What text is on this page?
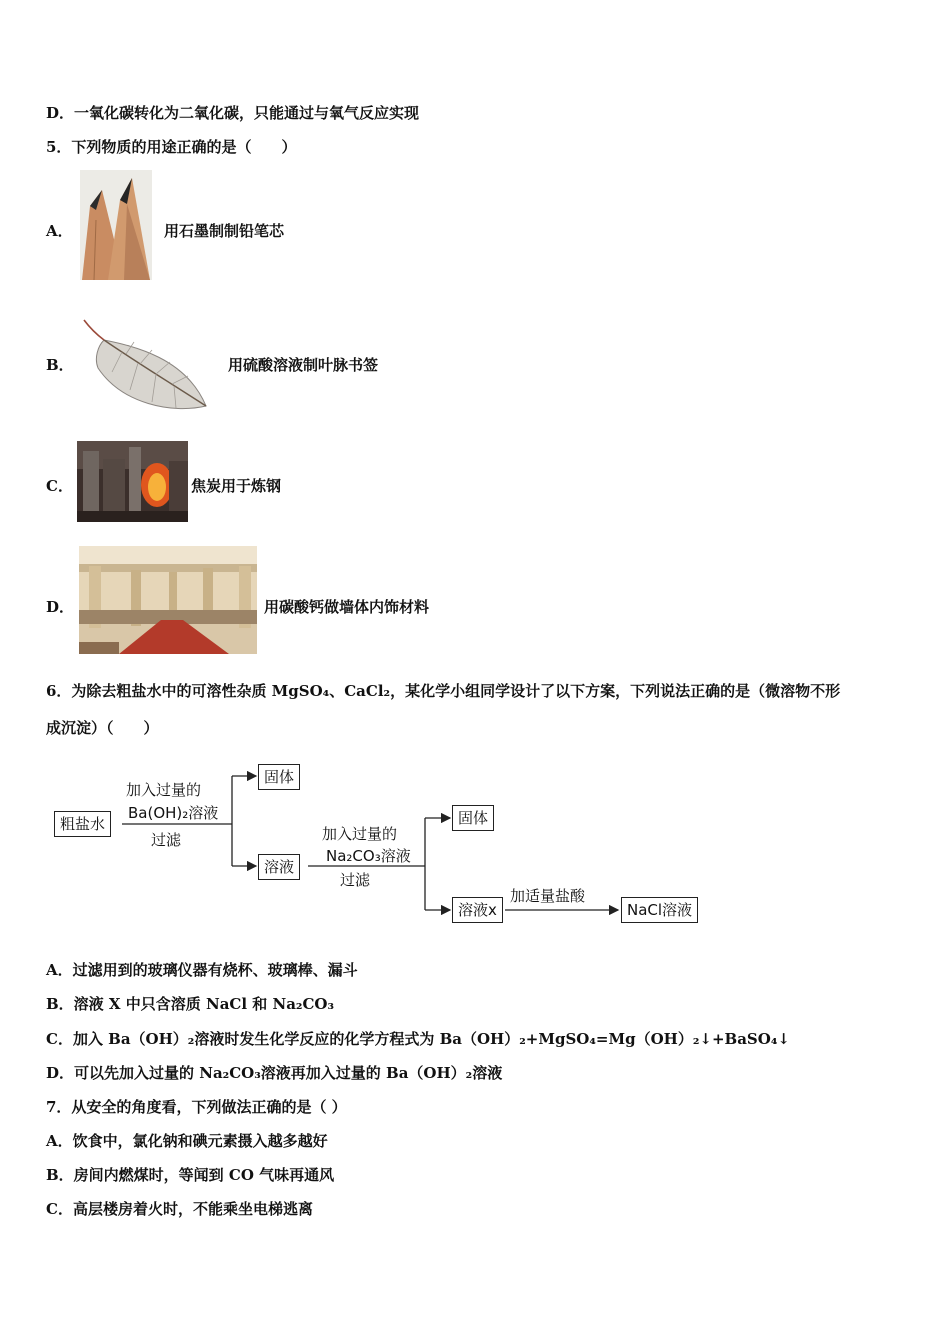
D．一氧化碳转化为二氧化碳，只能通过与氧气反应实现
5．下列物质的用途正确的是（　　）
A．	用石墨制制铅笔芯
B．	用硫酸溶液制叶脉书签
C．	焦炭用于炼钢
D．	用碳酸钙做墙体内饰材料
6．为除去粗盐水中的可溶性杂质 MgSO₄、CaCl₂，某化学小组同学设计了以下方案，下列说法正确的是（微溶物不形
成沉淀）（　　）
粗盐水
加入过量的
Ba(OH)₂溶液
过滤
固体
溶液
加入过量的
Na₂CO₃溶液
过滤
固体
溶液x
加适量盐酸
NaCl溶液
A．过滤用到的玻璃仪器有烧杯、玻璃棒、漏斗
B．溶液 X 中只含溶质 NaCl 和 Na₂CO₃
C．加入 Ba（OH）₂溶液时发生化学反应的化学方程式为 Ba（OH）₂+MgSO₄=Mg（OH）₂↓+BaSO₄↓
D．可以先加入过量的 Na₂CO₃溶液再加入过量的 Ba（OH）₂溶液
7．从安全的角度看，下列做法正确的是（ ）
A．饮食中，氯化钠和碘元素摄入越多越好
B．房间内燃煤时，等闻到 CO 气味再通风
C．高层楼房着火时，不能乘坐电梯逃离
